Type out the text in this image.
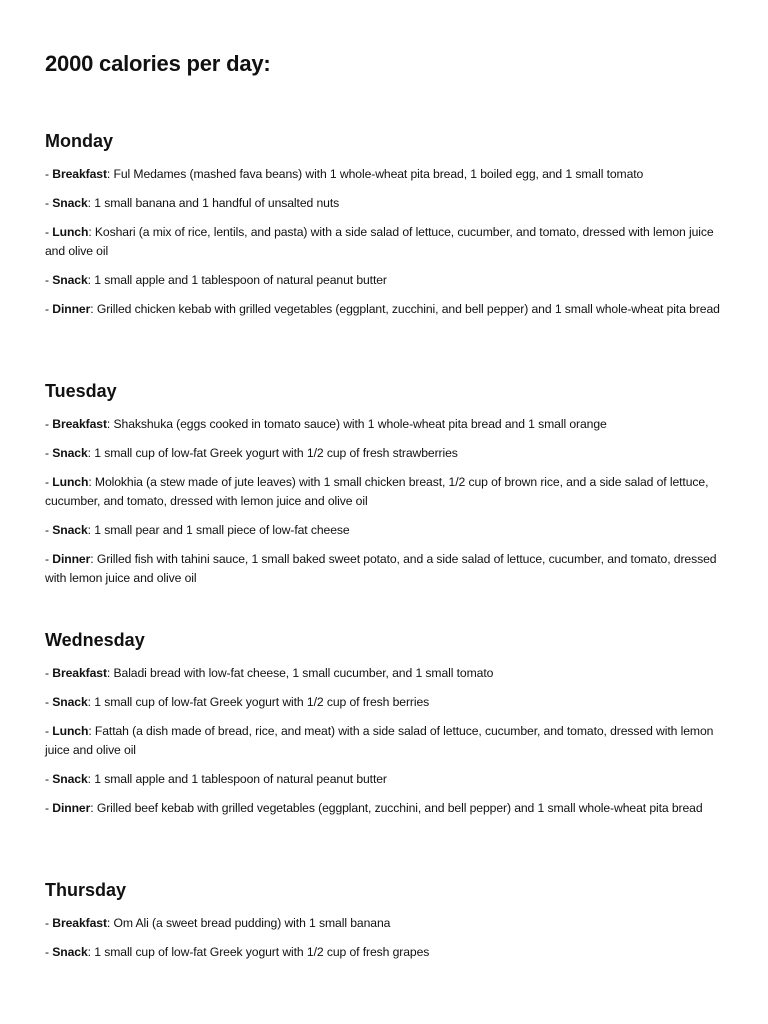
2000 calories per day:
Monday

- Breakfast: Ful Medames (mashed fava beans) with 1 whole-wheat pita bread, 1 boiled egg, and 1 small tomato

- Snack: 1 small banana and 1 handful of unsalted nuts

- Lunch: Koshari (a mix of rice, lentils, and pasta) with a side salad of lettuce, cucumber, and tomato, dressed with lemon juice and olive oil

- Snack: 1 small apple and 1 tablespoon of natural peanut butter

- Dinner: Grilled chicken kebab with grilled vegetables (eggplant, zucchini, and bell pepper) and 1 small whole-wheat pita bread

Tuesday

- Breakfast: Shakshuka (eggs cooked in tomato sauce) with 1 whole-wheat pita bread and 1 small orange

- Snack: 1 small cup of low-fat Greek yogurt with 1/2 cup of fresh strawberries

- Lunch: Molokhia (a stew made of jute leaves) with 1 small chicken breast, 1/2 cup of brown rice, and a side salad of lettuce, cucumber, and tomato, dressed with lemon juice and olive oil

- Snack: 1 small pear and 1 small piece of low-fat cheese

- Dinner: Grilled fish with tahini sauce, 1 small baked sweet potato, and a side salad of lettuce, cucumber, and tomato, dressed with lemon juice and olive oil

Wednesday

- Breakfast: Baladi bread with low-fat cheese, 1 small cucumber, and 1 small tomato

- Snack: 1 small cup of low-fat Greek yogurt with 1/2 cup of fresh berries

- Lunch: Fattah (a dish made of bread, rice, and meat) with a side salad of lettuce, cucumber, and tomato, dressed with lemon juice and olive oil

- Snack: 1 small apple and 1 tablespoon of natural peanut butter

- Dinner: Grilled beef kebab with grilled vegetables (eggplant, zucchini, and bell pepper) and 1 small whole-wheat pita bread

Thursday

- Breakfast: Om Ali (a sweet bread pudding) with 1 small banana

- Snack: 1 small cup of low-fat Greek yogurt with 1/2 cup of fresh grapes
